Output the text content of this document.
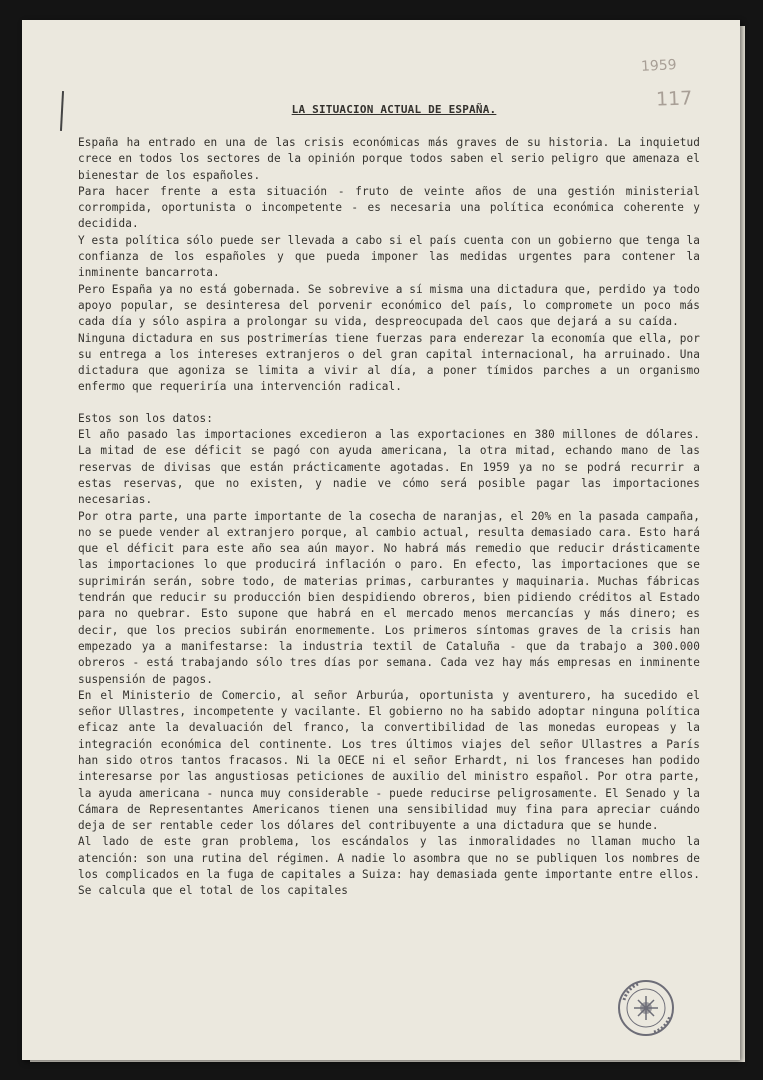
1959
117
LA SITUACION ACTUAL DE ESPAÑA.

España ha entrado en una de las crisis económicas más graves de su historia. La inquietud crece en todos los sectores de la opinión porque todos saben el serio peligro que amenaza el bienestar de los españoles.
Para hacer frente a esta situación - fruto de veinte años de una gestión ministerial corrompida, oportunista o incompetente - es necesaria una política económica coherente y decidida.
Y esta política sólo puede ser llevada a cabo si el país cuenta con un gobierno que tenga la confianza de los españoles y que pueda imponer las medidas urgentes para contener la inminente bancarrota.
Pero España ya no está gobernada. Se sobrevive a sí misma una dictadura que, perdido ya todo apoyo popular, se desinteresa del porvenir económico del país, lo compromete un poco más cada día y sólo aspira a prolongar su vida, despreocupada del caos que dejará a su caída.
Ninguna dictadura en sus postrimerías tiene fuerzas para enderezar la economía que ella, por su entrega a los intereses extranjeros o del gran capital internacional, ha arruinado. Una dictadura que agoniza se limita a vivir al día, a poner tímidos parches a un organismo enfermo que requeriría una intervención radical.

Estos son los datos:
El año pasado las importaciones excedieron a las exportaciones en 380 millones de dólares. La mitad de ese déficit se pagó con ayuda americana, la otra mitad, echando mano de las reservas de divisas que están prácticamente agotadas. En 1959 ya no se podrá recurrir a estas reservas, que no existen, y nadie ve cómo será posible pagar las importaciones necesarias.
Por otra parte, una parte importante de la cosecha de naranjas, el 20% en la pasada campaña, no se puede vender al extranjero porque, al cambio actual, resulta demasiado cara. Esto hará que el déficit para este año sea aún mayor. No habrá más remedio que reducir drásticamente las importaciones lo que producirá inflación o paro. En efecto, las importaciones que se suprimirán serán, sobre todo, de materias primas, carburantes y maquinaria. Muchas fábricas tendrán que reducir su producción bien despidiendo obreros, bien pidiendo créditos al Estado para no quebrar. Esto supone que habrá en el mercado menos mercancías y más dinero; es decir, que los precios subirán enormemente. Los primeros síntomas graves de la crisis han empezado ya a manifestarse: la industria textil de Cataluña - que da trabajo a 300.000 obreros - está trabajando sólo tres días por semana. Cada vez hay más empresas en inminente suspensión de pagos.
En el Ministerio de Comercio, al señor Arburúa, oportunista y aventurero, ha sucedido el señor Ullastres, incompetente y vacilante. El gobierno no ha sabido adoptar ninguna política eficaz ante la devaluación del franco, la convertibilidad de las monedas europeas y la integración económica del continente. Los tres últimos viajes del señor Ullastres a París han sido otros tantos fracasos. Ni la OECE ni el señor Erhardt, ni los franceses han podido interesarse por las angustiosas peticiones de auxilio del ministro español. Por otra parte, la ayuda americana - nunca muy considerable - puede reducirse peligrosamente. El Senado y la Cámara de Representantes Americanos tienen una sensibilidad muy fina para apreciar cuándo deja de ser rentable ceder los dólares del contribuyente a una dictadura que se hunde.
Al lado de este gran problema, los escándalos y las inmoralidades no llaman mucho la atención: son una rutina del régimen. A nadie lo asombra que no se publiquen los nombres de los complicados en la fuga de capitales a Suiza: hay demasiada gente importante entre ellos. Se calcula que el total de los capitales
